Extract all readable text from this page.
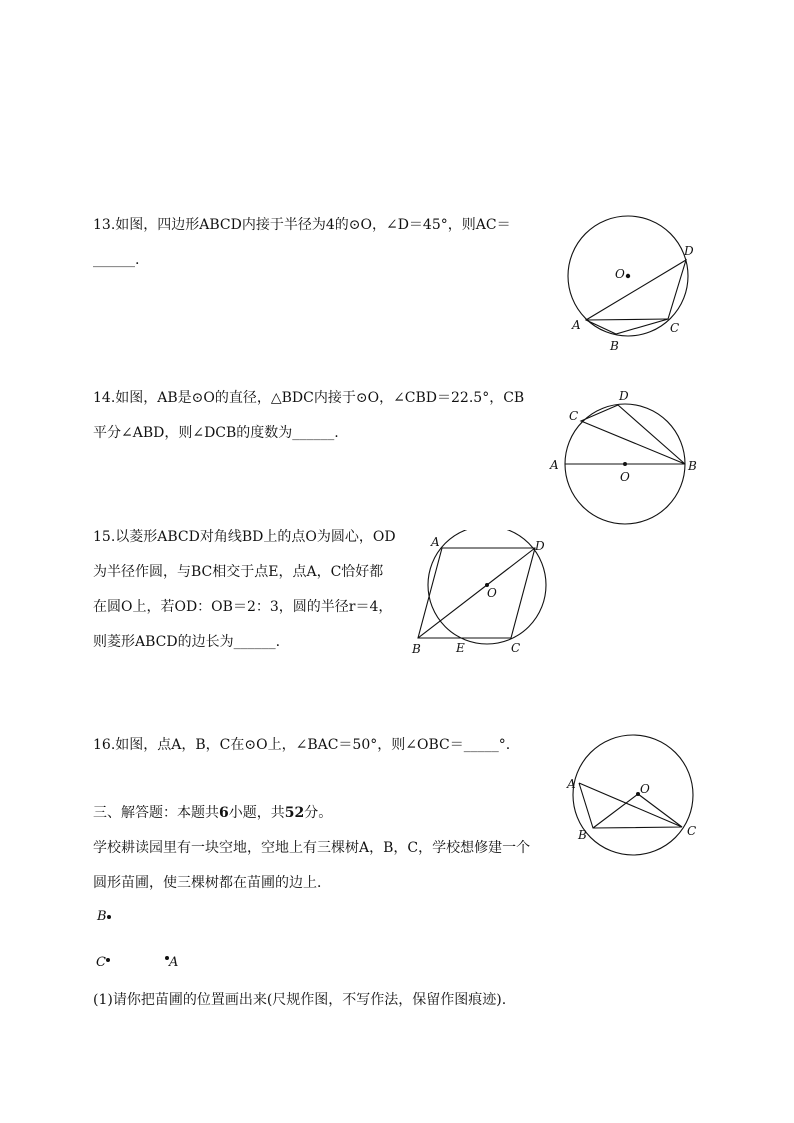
13.如图，四边形ABCD内接于半径为4的⊙O，∠D＝45°，则AC＝
______.
O
A
B
C
D
14.如图，AB是⊙O的直径，△BDC内接于⊙O，∠CBD＝22.5°，CB
平分∠ABD，则∠DCB的度数为______.
O
A	B
C
D
15.以菱形ABCD对角线BD上的点O为圆心，OD
为半径作圆，与BC相交于点E，点A，C恰好都
在圆O上，若OD：OB＝2：3，圆的半径r＝4，
则菱形ABCD的边长为______.
O
A
B	C
D
E
16.如图，点A，B，C在⊙O上，∠BAC＝50°，则∠OBC＝_____°.
O
A
B	C
三、解答题：本题共6小题，共52分。
学校耕读园里有一块空地，空地上有三棵树A，B，C，学校想修建一个
圆形苗圃，使三棵树都在苗圃的边上．
B
C	A
(1)请你把苗圃的位置画出来(尺规作图，不写作法，保留作图痕迹).
